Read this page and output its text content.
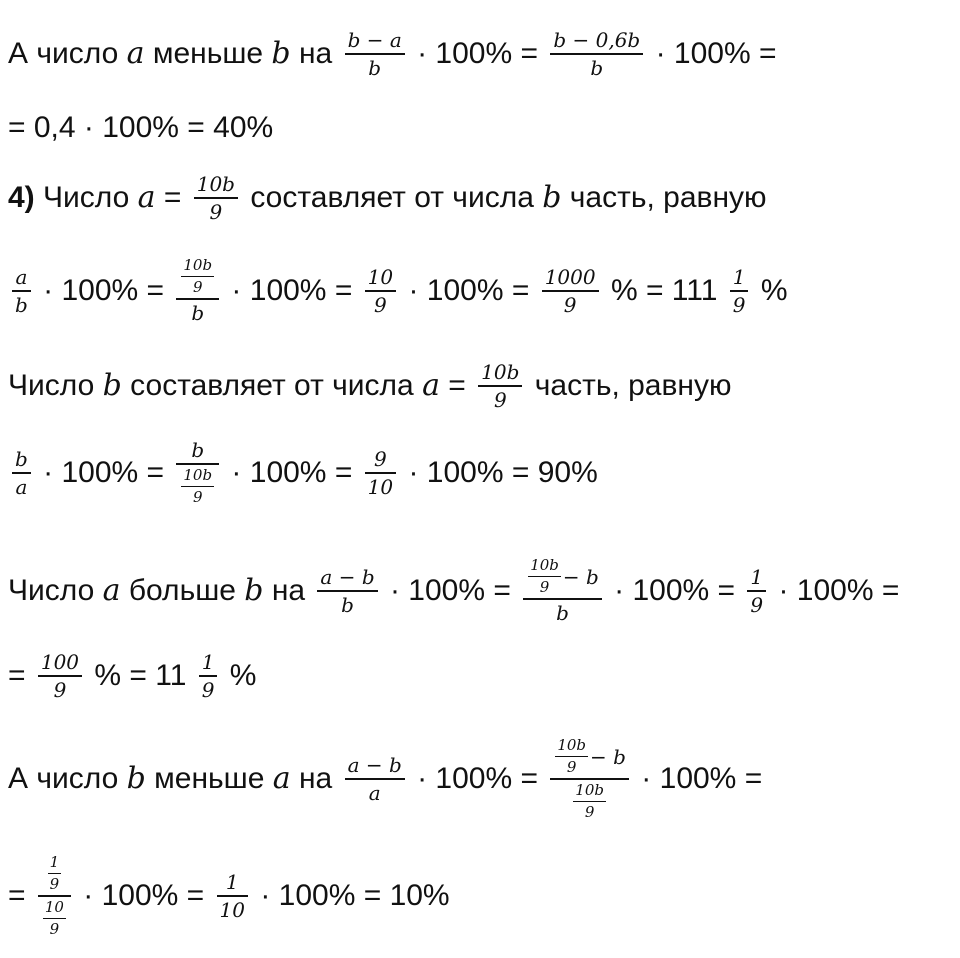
А число a меньше b на $\frac{b - a}{b} \cdot 100\% = \frac{b - 0,6b}{b} \cdot 100\%$ =
= 0,4 · 100% = 40%
4) Число $a = \frac{10b}{9}$ составляет от числа b часть, равную
$\frac{a}{b} \cdot 100\% = \frac{\frac{10b}{9}}{b} \cdot 100\% = \frac{10}{9} \cdot 100\% = \frac{1000}{9}$ % = $111 \frac{1}{9}$ %
Число b составляет от числа $a = \frac{10b}{9}$ часть, равную
$\frac{b}{a} \cdot 100\% = \frac{b}{\frac{10b}{9}} \cdot 100\% = \frac{9}{10} \cdot 100\% = 90\%$
Число a больше b на $\frac{a - b}{b} \cdot 100\% = \frac{\frac{10b}{9} - b}{b} \cdot 100\% = \frac{1}{9} \cdot 100\%$ =
= $\frac{100}{9}$ % = $11 \frac{1}{9}$ %
А число b меньше a на $\frac{a - b}{a} \cdot 100\% = \frac{\frac{10b}{9} - b}{\frac{10b}{9}} \cdot 100\%$ =
= $\frac{\frac{1}{9}}{\frac{10}{9}} \cdot 100\% = \frac{1}{10} \cdot 100\% = 10\%$
